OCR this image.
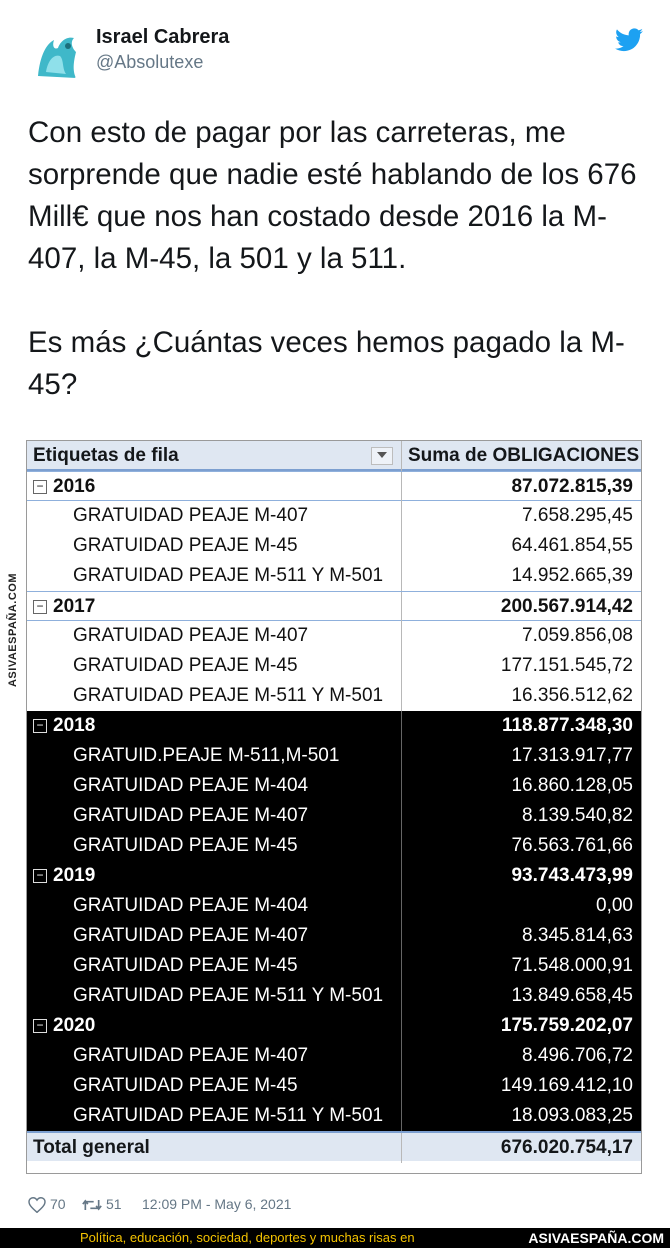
Israel Cabrera
@Absolutexe

Con esto de pagar por las carreteras, me sorprende que nadie esté hablando de los 676 Mill€ que nos han costado desde 2016 la M-407, la M-45, la 501 y la 511.

Es más ¿Cuántas veces hemos pagado la M-45?

ASIVAESPAÑA.COM
Etiquetas de fila	Suma de OBLIGACIONES
− 2016	87.072.815,39
GRATUIDAD PEAJE M-407	7.658.295,45
GRATUIDAD PEAJE M-45	64.461.854,55
GRATUIDAD PEAJE M-511 Y M-501	14.952.665,39
− 2017	200.567.914,42
GRATUIDAD PEAJE M-407	7.059.856,08
GRATUIDAD PEAJE M-45	177.151.545,72
GRATUIDAD PEAJE M-511 Y M-501	16.356.512,62
− 2018	118.877.348,30
GRATUID.PEAJE M-511,M-501	17.313.917,77
GRATUIDAD PEAJE M-404	16.860.128,05
GRATUIDAD PEAJE M-407	8.139.540,82
GRATUIDAD PEAJE M-45	76.563.761,66
− 2019	93.743.473,99
GRATUIDAD PEAJE M-404	0,00
GRATUIDAD PEAJE M-407	8.345.814,63
GRATUIDAD PEAJE M-45	71.548.000,91
GRATUIDAD PEAJE M-511 Y M-501	13.849.658,45
− 2020	175.759.202,07
GRATUIDAD PEAJE M-407	8.496.706,72
GRATUIDAD PEAJE M-45	149.169.412,10
GRATUIDAD PEAJE M-511 Y M-501	18.093.083,25
Total general	676.020.754,17
70	51 12:09 PM - May 6, 2021
Política, educación, sociedad, deportes y muchas risas en	ASIVAESPAÑA.COM
